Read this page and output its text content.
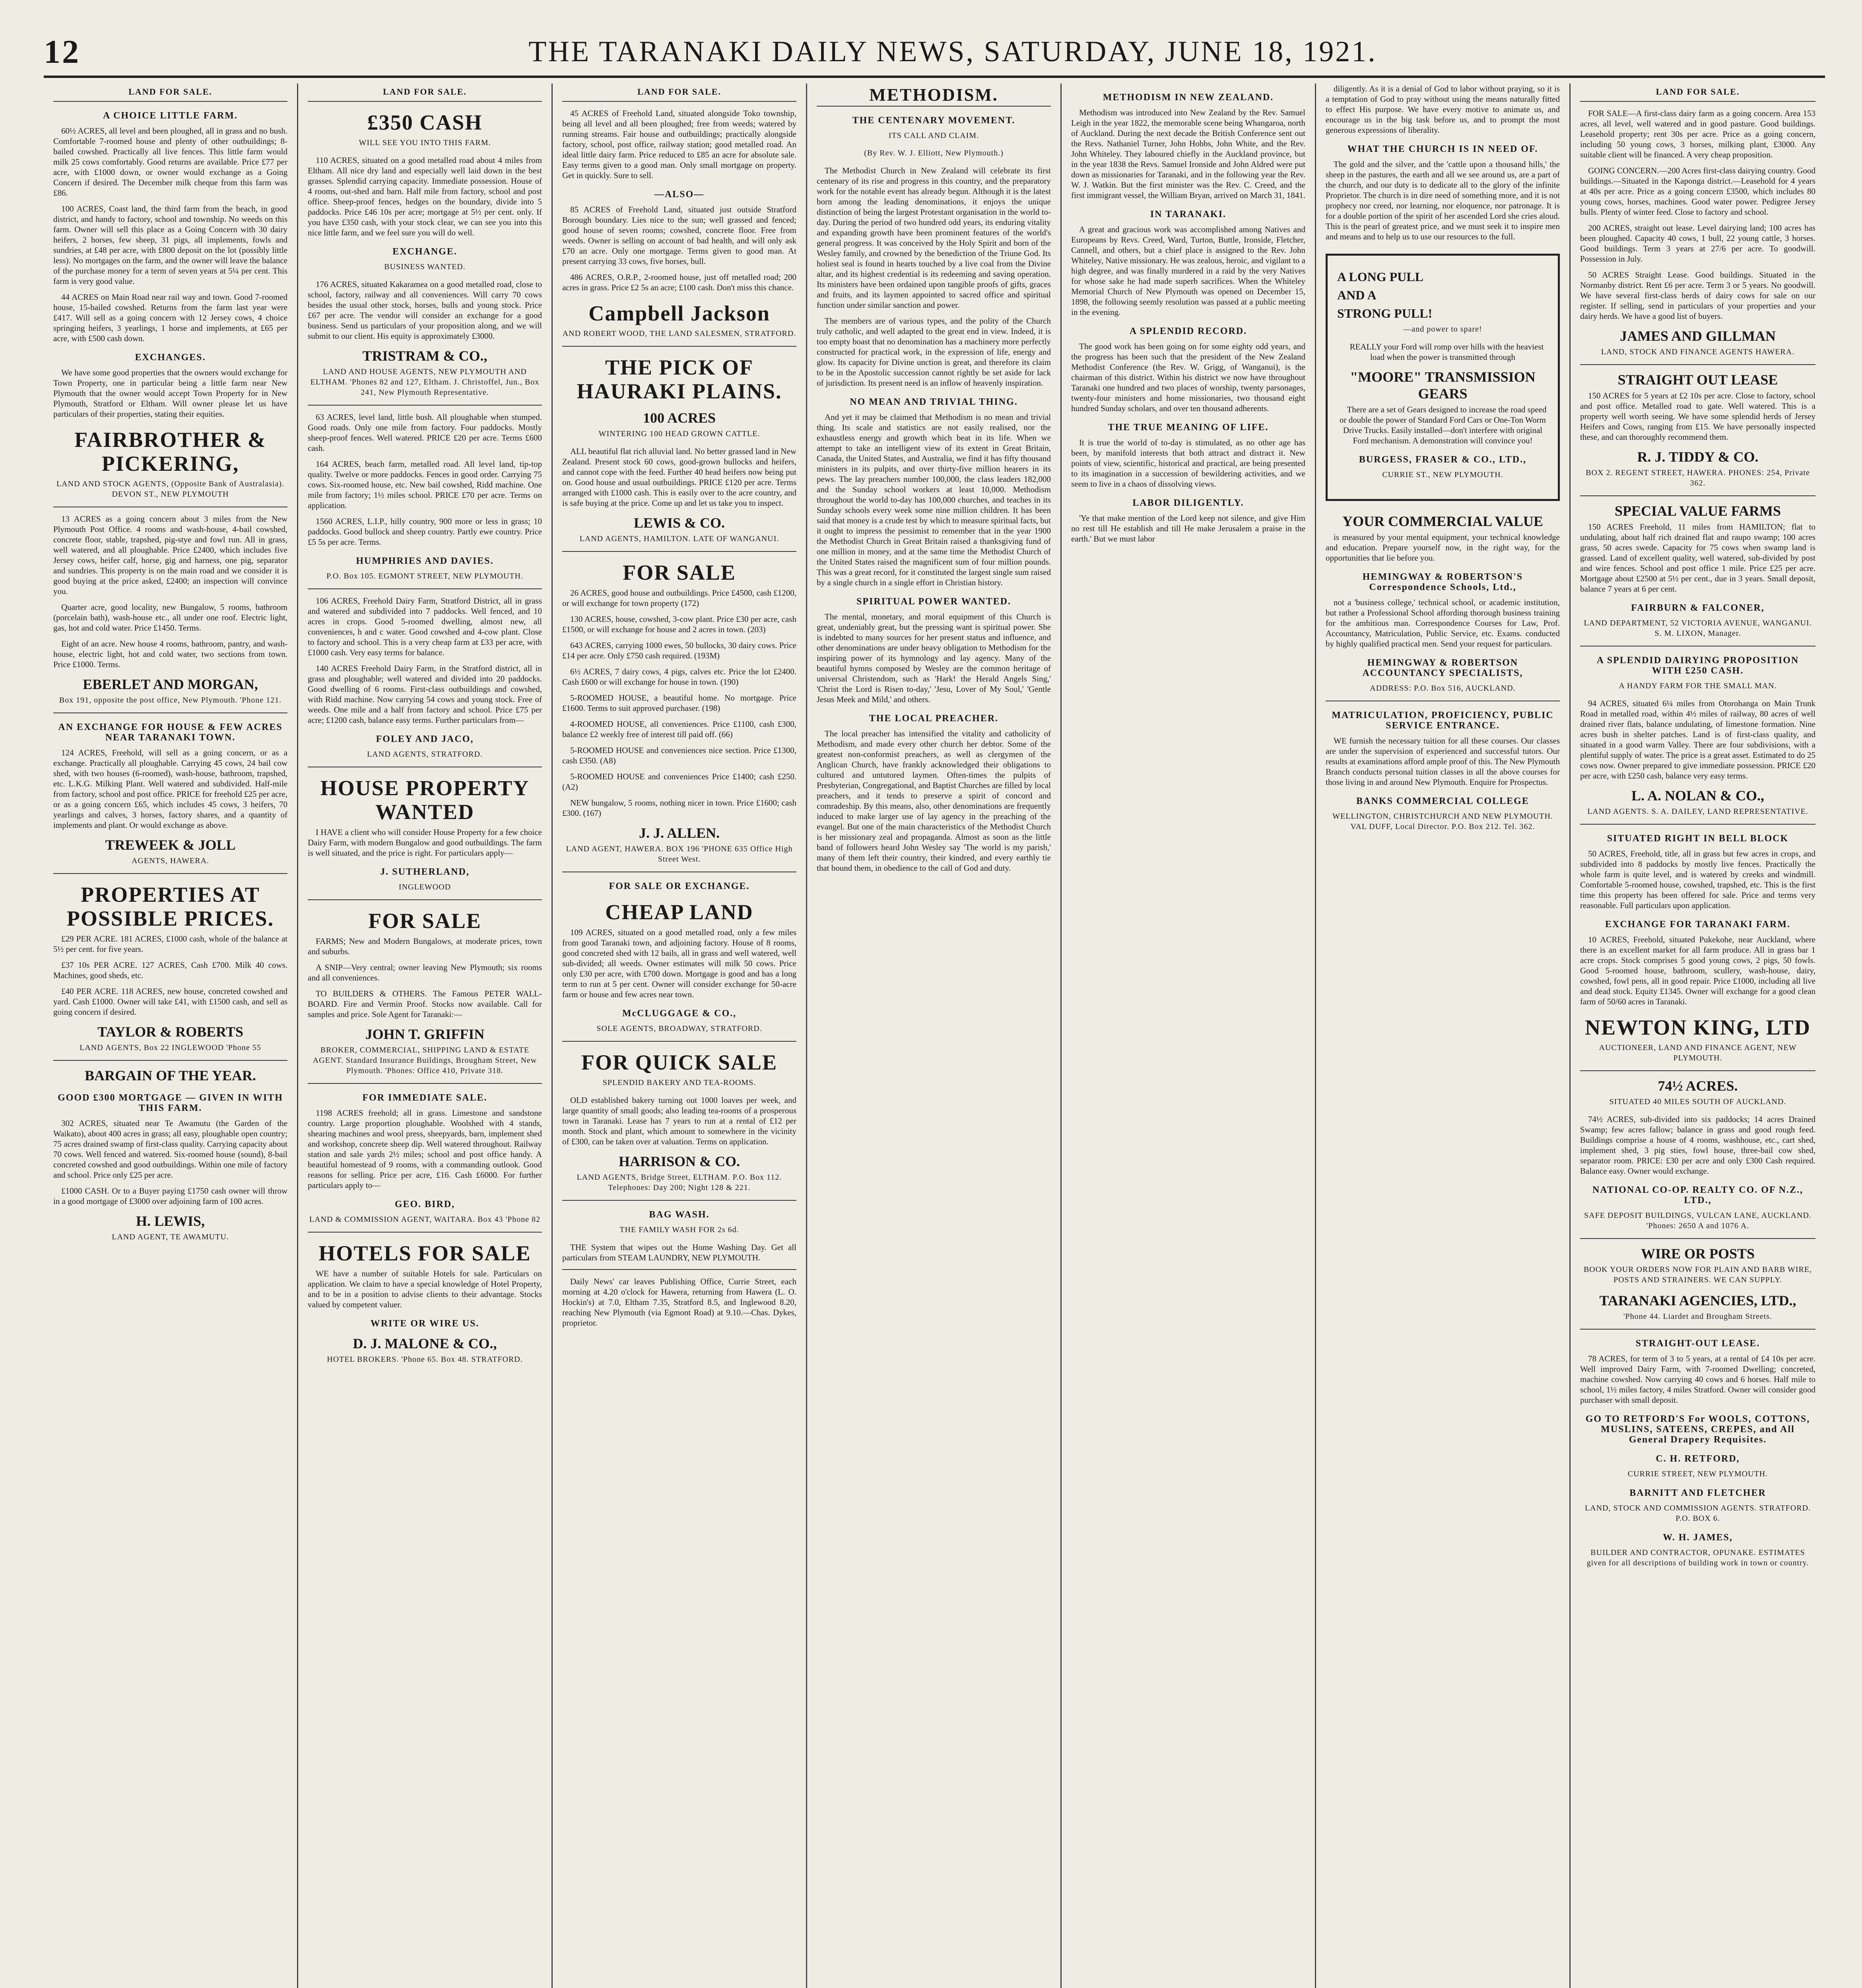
12	THE TARANAKI DAILY NEWS, SATURDAY, JUNE 18, 1921.
LAND FOR SALE.
A CHOICE LITTLE FARM.

60½ ACRES, all level and been ploughed, all in grass and no bush. Comfortable 7-roomed house and plenty of other outbuildings; 8-bailed cowshed. Practically all live fences. This little farm would milk 25 cows comfortably. Good returns are available. Price £77 per acre, with £1000 down, or owner would exchange as a Going Concern if desired. The December milk cheque from this farm was £86.

100 ACRES, Coast land, the third farm from the beach, in good district, and handy to factory, school and township. No weeds on this farm. Owner will sell this place as a Going Concern with 30 dairy heifers, 2 horses, few sheep, 31 pigs, all implements, fowls and sundries, at £48 per acre, with £800 deposit on the lot (possibly little less). No mortgages on the farm, and the owner will leave the balance of the purchase money for a term of seven years at 5¼ per cent. This farm is very good value.

44 ACRES on Main Road near rail way and town. Good 7-roomed house, 15-bailed cowshed. Returns from the farm last year were £417. Will sell as a going concern with 12 Jersey cows, 4 choice springing heifers, 3 yearlings, 1 horse and implements, at £65 per acre, with £500 cash down.

EXCHANGES.

We have some good properties that the owners would exchange for Town Property, one in particular being a little farm near New Plymouth that the owner would accept Town Property for in New Plymouth, Stratford or Eltham. Will owner please let us have particulars of their properties, stating their equities.

FAIRBROTHER & PICKERING,
LAND AND STOCK AGENTS, (Opposite Bank of Australasia). DEVON ST., NEW PLYMOUTH

13 ACRES as a going concern about 3 miles from the New Plymouth Post Office. 4 rooms and wash-house, 4-bail cowshed, concrete floor, stable, trapshed, pig-stye and fowl run. All in grass, well watered, and all ploughable. Price £2400, which includes five Jersey cows, heifer calf, horse, gig and harness, one pig, separator and sundries. This property is on the main road and we consider it is good buying at the price asked, £2400; an inspection will convince you.

Quarter acre, good locality, new Bungalow, 5 rooms, bathroom (porcelain bath), wash-house etc., all under one roof. Electric light, gas, hot and cold water. Price £1450. Terms.

Eight of an acre. New house 4 rooms, bathroom, pantry, and wash-house, electric light, hot and cold water, two sections from town. Price £1000. Terms.

EBERLET AND MORGAN,
Box 191, opposite the post office, New Plymouth. 'Phone 121.
AN EXCHANGE FOR HOUSE & FEW ACRES NEAR TARANAKI TOWN.

124 ACRES, Freehold, will sell as a going concern, or as a exchange. Practically all ploughable. Carrying 45 cows, 24 bail cow shed, with two houses (6-roomed), wash-house, bathroom, trapshed, etc. L.K.G. Milking Plant. Well watered and subdivided. Half-mile from factory, school and post office. PRICE for freehold £25 per acre, or as a going concern £65, which includes 45 cows, 3 heifers, 70 yearlings and calves, 3 horses, factory shares, and a quantity of implements and plant. Or would exchange as above.

TREWEEK & JOLL
AGENTS, HAWERA.
PROPERTIES AT POSSIBLE PRICES.

£29 PER ACRE. 181 ACRES, £1000 cash, whole of the balance at 5½ per cent. for five years.

£37 10s PER ACRE. 127 ACRES, Cash £700. Milk 40 cows. Machines, good sheds, etc.

£40 PER ACRE. 118 ACRES, new house, concreted cowshed and yard. Cash £1000. Owner will take £41, with £1500 cash, and sell as going concern if desired.

TAYLOR & ROBERTS
LAND AGENTS, Box 22 INGLEWOOD 'Phone 55
BARGAIN OF THE YEAR.
GOOD £300 MORTGAGE — GIVEN IN WITH THIS FARM.

302 ACRES, situated near Te Awamutu (the Garden of the Waikato), about 400 acres in grass; all easy, ploughable open country; 75 acres drained swamp of first-class quality. Carrying capacity about 70 cows. Well fenced and watered. Six-roomed house (sound), 8-bail concreted cowshed and good outbuildings. Within one mile of factory and school. Price only £25 per acre.

£1000 CASH. Or to a Buyer paying £1750 cash owner will throw in a good mortgage of £3000 over adjoining farm of 100 acres.

H. LEWIS,
LAND AGENT, TE AWAMUTU.
LAND FOR SALE.
£350 CASH
WILL SEE YOU INTO THIS FARM.

110 ACRES, situated on a good metalled road about 4 miles from Eltham. All nice dry land and especially well laid down in the best grasses. Splendid carrying capacity. Immediate possession. House of 4 rooms, out-shed and barn. Half mile from factory, school and post office. Sheep-proof fences, hedges on the boundary, divide into 5 paddocks. Price £46 10s per acre; mortgage at 5½ per cent. only. If you have £350 cash, with your stock clear, we can see you into this nice little farm, and we feel sure you will do well.

EXCHANGE.
BUSINESS WANTED.

176 ACRES, situated Kakaramea on a good metalled road, close to school, factory, railway and all conveniences. Will carry 70 cows besides the usual other stock, horses, bulls and young stock. Price £67 per acre. The vendor will consider an exchange for a good business. Send us particulars of your proposition along, and we will submit to our client. His equity is approximately £3000.

TRISTRAM & CO.,
LAND AND HOUSE AGENTS, NEW PLYMOUTH AND ELTHAM. 'Phones 82 and 127, Eltham. J. Christoffel, Jun., Box 241, New Plymouth Representative.

63 ACRES, level land, little bush. All ploughable when stumped. Good roads. Only one mile from factory. Four paddocks. Mostly sheep-proof fences. Well watered. PRICE £20 per acre. Terms £600 cash.

164 ACRES, beach farm, metalled road. All level land, tip-top quality. Twelve or more paddocks. Fences in good order. Carrying 75 cows. Six-roomed house, etc. New bail cowshed, Ridd machine. One mile from factory; 1½ miles school. PRICE £70 per acre. Terms on application.

1560 ACRES, L.I.P., hilly country, 900 more or less in grass; 10 paddocks. Good bullock and sheep country. Partly ewe country. Price £5 5s per acre. Terms.

HUMPHRIES AND DAVIES.
P.O. Box 105. EGMONT STREET, NEW PLYMOUTH.

106 ACRES, Freehold Dairy Farm, Stratford District, all in grass and watered and subdivided into 7 paddocks. Well fenced, and 10 acres in crops. Good 5-roomed dwelling, almost new, all conveniences, h and c water. Good cowshed and 4-cow plant. Close to factory and school. This is a very cheap farm at £33 per acre, with £1000 cash. Very easy terms for balance.

140 ACRES Freehold Dairy Farm, in the Stratford district, all in grass and ploughable; well watered and divided into 20 paddocks. Good dwelling of 6 rooms. First-class outbuildings and cowshed, with Ridd machine. Now carrying 54 cows and young stock. Free of weeds. One mile and a half from factory and school. Price £75 per acre; £1200 cash, balance easy terms. Further particulars from—

FOLEY AND JACO,
LAND AGENTS, STRATFORD.
HOUSE PROPERTY WANTED

I HAVE a client who will consider House Property for a few choice Dairy Farm, with modern Bungalow and good outbuildings. The farm is well situated, and the price is right. For particulars apply—

J. SUTHERLAND,
INGLEWOOD
FOR SALE

FARMS; New and Modern Bungalows, at moderate prices, town and suburbs.

A SNIP—Very central; owner leaving New Plymouth; six rooms and all conveniences.

TO BUILDERS & OTHERS. The Famous PETER WALL-BOARD. Fire and Vermin Proof. Stocks now available. Call for samples and price. Sole Agent for Taranaki:—

JOHN T. GRIFFIN
BROKER, COMMERCIAL, SHIPPING LAND & ESTATE AGENT. Standard Insurance Buildings, Brougham Street, New Plymouth. 'Phones: Office 410, Private 318.
FOR IMMEDIATE SALE.

1198 ACRES freehold; all in grass. Limestone and sandstone country. Large proportion ploughable. Woolshed with 4 stands, shearing machines and wool press, sheepyards, barn, implement shed and workshop, concrete sheep dip. Well watered throughout. Railway station and sale yards 2½ miles; school and post office handy. A beautiful homestead of 9 rooms, with a commanding outlook. Good reasons for selling. Price per acre, £16. Cash £6000. For further particulars apply to—

GEO. BIRD,
LAND & COMMISSION AGENT, WAITARA. Box 43 'Phone 82
HOTELS FOR SALE

WE have a number of suitable Hotels for sale. Particulars on application. We claim to have a special knowledge of Hotel Property, and to be in a position to advise clients to their advantage. Stocks valued by competent valuer.

WRITE OR WIRE US.
D. J. MALONE & CO.,
HOTEL BROKERS. 'Phone 65. Box 48. STRATFORD.
LAND FOR SALE.

45 ACRES of Freehold Land, situated alongside Toko township, being all level and all been ploughed; free from weeds; watered by running streams. Fair house and outbuildings; practically alongside factory, school, post office, railway station; good metalled road. An ideal little dairy farm. Price reduced to £85 an acre for absolute sale. Easy terms given to a good man. Only small mortgage on property. Get in quickly. Sure to sell.

—ALSO—

85 ACRES of Freehold Land, situated just outside Stratford Borough boundary. Lies nice to the sun; well grassed and fenced; good house of seven rooms; cowshed, concrete floor. Free from weeds. Owner is selling on account of bad health, and will only ask £70 an acre. Only one mortgage. Terms given to good man. At present carrying 33 cows, five horses, bull.

486 ACRES, O.R.P., 2-roomed house, just off metalled road; 200 acres in grass. Price £2 5s an acre; £100 cash. Don't miss this chance.

Campbell Jackson
AND ROBERT WOOD, THE LAND SALESMEN, STRATFORD.
THE PICK OF HAURAKI PLAINS.
100 ACRES
WINTERING 100 HEAD GROWN CATTLE.

ALL beautiful flat rich alluvial land. No better grassed land in New Zealand. Present stock 60 cows, good-grown bullocks and heifers, and cannot cope with the feed. Further 40 head heifers now being put on. Good house and usual outbuildings. PRICE £120 per acre. Terms arranged with £1000 cash. This is easily over to the acre country, and is safe buying at the price. Come up and let us take you to inspect.

LEWIS & CO.
LAND AGENTS, HAMILTON. LATE OF WANGANUI.
FOR SALE

26 ACRES, good house and outbuildings. Price £4500, cash £1200, or will exchange for town property (172)

130 ACRES, house, cowshed, 3-cow plant. Price £30 per acre, cash £1500, or will exchange for house and 2 acres in town. (203)

643 ACRES, carrying 1000 ewes, 50 bullocks, 30 dairy cows. Price £14 per acre. Only £750 cash required. (193M)

6½ ACRES, 7 dairy cows, 4 pigs, calves etc. Price the lot £2400. Cash £600 or will exchange for house in town. (190)

5-ROOMED HOUSE, a beautiful home. No mortgage. Price £1600. Terms to suit approved purchaser. (198)

4-ROOMED HOUSE, all conveniences. Price £1100, cash £300, balance £2 weekly free of interest till paid off. (66)

5-ROOMED HOUSE and conveniences nice section. Price £1300, cash £350. (A8)

5-ROOMED HOUSE and conveniences Price £1400; cash £250. (A2)

NEW bungalow, 5 rooms, nothing nicer in town. Price £1600; cash £300. (167)

J. J. ALLEN.
LAND AGENT, HAWERA. BOX 196 'PHONE 635 Office High Street West.
FOR SALE OR EXCHANGE.
CHEAP LAND

109 ACRES, situated on a good metalled road, only a few miles from good Taranaki town, and adjoining factory. House of 8 rooms, good concreted shed with 12 bails, all in grass and well watered, well sub-divided; all weeds. Owner estimates will milk 50 cows. Price only £30 per acre, with £700 down. Mortgage is good and has a long term to run at 5 per cent. Owner will consider exchange for 50-acre farm or house and few acres near town.

McCLUGGAGE & CO.,
SOLE AGENTS, BROADWAY, STRATFORD.
FOR QUICK SALE
SPLENDID BAKERY AND TEA-ROOMS.

OLD established bakery turning out 1000 loaves per week, and large quantity of small goods; also leading tea-rooms of a prosperous town in Taranaki. Lease has 7 years to run at a rental of £12 per month. Stock and plant, which amount to somewhere in the vicinity of £300, can be taken over at valuation. Terms on application.

HARRISON & CO.
LAND AGENTS, Bridge Street, ELTHAM. P.O. Box 112. Telephones: Day 200; Night 128 & 221.
BAG WASH.
THE FAMILY WASH FOR 2s 6d.

THE System that wipes out the Home Washing Day. Get all particulars from STEAM LAUNDRY, NEW PLYMOUTH.

Daily News' car leaves Publishing Office, Currie Street, each morning at 4.20 o'clock for Hawera, returning from Hawera (L. O. Hockin's) at 7.0, Eltham 7.35, Stratford 8.5, and Inglewood 8.20, reaching New Plymouth (via Egmont Road) at 9.10.—Chas. Dykes, proprietor.

METHODISM.
THE CENTENARY MOVEMENT.
ITS CALL AND CLAIM.
(By Rev. W. J. Elliott, New Plymouth.)

The Methodist Church in New Zealand will celebrate its first centenary of its rise and progress in this country, and the preparatory work for the notable event has already begun. Although it is the latest born among the leading denominations, it enjoys the unique distinction of being the largest Protestant organisation in the world to-day. During the period of two hundred odd years, its enduring vitality and expanding growth have been prominent features of the world's general progress. It was conceived by the Holy Spirit and born of the Wesley family, and crowned by the benediction of the Triune God. Its holiest seal is found in hearts touched by a live coal from the Divine altar, and its highest credential is its redeeming and saving operation. Its ministers have been ordained upon tangible proofs of gifts, graces and fruits, and its laymen appointed to sacred office and spiritual function under similar sanction and power.

The members are of various types, and the polity of the Church truly catholic, and well adapted to the great end in view. Indeed, it is too empty boast that no denomination has a machinery more perfectly constructed for practical work, in the expression of life, energy and glow. Its capacity for Divine unction is great, and therefore its claim to be in the Apostolic succession cannot rightly be set aside for lack of jurisdiction. Its present need is an inflow of heavenly inspiration.

NO MEAN AND TRIVIAL THING.

And yet it may be claimed that Methodism is no mean and trivial thing. Its scale and statistics are not easily realised, nor the exhaustless energy and growth which beat in its life. When we attempt to take an intelligent view of its extent in Great Britain, Canada, the United States, and Australia, we find it has fifty thousand ministers in its pulpits, and over thirty-five million hearers in its pews. The lay preachers number 100,000, the class leaders 182,000 and the Sunday school workers at least 10,000. Methodism throughout the world to-day has 100,000 churches, and teaches in its Sunday schools every week some nine million children. It has been said that money is a crude test by which to measure spiritual facts, but it ought to impress the pessimist to remember that in the year 1900 the Methodist Church in Great Britain raised a thanksgiving fund of one million in money, and at the same time the Methodist Church of the United States raised the magnificent sum of four million pounds. This was a great record, for it constituted the largest single sum raised by a single church in a single effort in Christian history.

SPIRITUAL POWER WANTED.

The mental, monetary, and moral equipment of this Church is great, undeniably great, but the pressing want is spiritual power. She is indebted to many sources for her present status and influence, and other denominations are under heavy obligation to Methodism for the inspiring power of its hymnology and lay agency. Many of the beautiful hymns composed by Wesley are the common heritage of universal Christendom, such as 'Hark! the Herald Angels Sing,' 'Christ the Lord is Risen to-day,' 'Jesu, Lover of My Soul,' 'Gentle Jesus Meek and Mild,' and others.

THE LOCAL PREACHER.

The local preacher has intensified the vitality and catholicity of Methodism, and made every other church her debtor. Some of the greatest non-conformist preachers, as well as clergymen of the Anglican Church, have frankly acknowledged their obligations to cultured and untutored laymen. Often-times the pulpits of Presbyterian, Congregational, and Baptist Churches are filled by local preachers, and it tends to preserve a spirit of concord and comradeship. By this means, also, other denominations are frequently induced to make larger use of lay agency in the preaching of the evangel. But one of the main characteristics of the Methodist Church is her missionary zeal and propaganda. Almost as soon as the little band of followers heard John Wesley say 'The world is my parish,' many of them left their country, their kindred, and every earthly tie that bound them, in obedience to the call of God and duty.

METHODISM IN NEW ZEALAND.

Methodism was introduced into New Zealand by the Rev. Samuel Leigh in the year 1822, the memorable scene being Whangaroa, north of Auckland. During the next decade the British Conference sent out the Revs. Nathaniel Turner, John Hobbs, John White, and the Rev. John Whiteley. They laboured chiefly in the Auckland province, but in the year 1838 the Revs. Samuel Ironside and John Aldred were put down as missionaries for Taranaki, and in the following year the Rev. W. J. Watkin. But the first minister was the Rev. C. Creed, and the first immigrant vessel, the William Bryan, arrived on March 31, 1841.

IN TARANAKI.

A great and gracious work was accomplished among Natives and Europeans by Revs. Creed, Ward, Turton, Buttle, Ironside, Fletcher, Cannell, and others, but a chief place is assigned to the Rev. John Whiteley, Native missionary. He was zealous, heroic, and vigilant to a high degree, and was finally murdered in a raid by the very Natives for whose sake he had made superb sacrifices. When the Whiteley Memorial Church of New Plymouth was opened on December 15, 1898, the following seemly resolution was passed at a public meeting in the evening.

A SPLENDID RECORD.

The good work has been going on for some eighty odd years, and the progress has been such that the president of the New Zealand Methodist Conference (the Rev. W. Grigg, of Wanganui), is the chairman of this district. Within his district we now have throughout Taranaki one hundred and two places of worship, twenty parsonages, twenty-four ministers and home missionaries, two thousand eight hundred Sunday scholars, and over ten thousand adherents.

THE TRUE MEANING OF LIFE.

It is true the world of to-day is stimulated, as no other age has been, by manifold interests that both attract and distract it. New points of view, scientific, historical and practical, are being presented to its imagination in a succession of bewildering activities, and we seem to live in a chaos of dissolving views.

LABOR DILIGENTLY.

'Ye that make mention of the Lord keep not silence, and give Him no rest till He establish and till He make Jerusalem a praise in the earth.' But we must labor

diligently. As it is a denial of God to labor without praying, so it is a temptation of God to pray without using the means naturally fitted to effect His purpose. We have every motive to animate us, and encourage us in the big task before us, and to prompt the most generous expressions of liberality.

WHAT THE CHURCH IS IN NEED OF.

The gold and the silver, and the 'cattle upon a thousand hills,' the sheep in the pastures, the earth and all we see around us, are a part of the church, and our duty is to dedicate all to the glory of the infinite Proprietor. The church is in dire need of something more, and it is not prophecy nor creed, nor learning, nor eloquence, nor patronage. It is for a double portion of the spirit of her ascended Lord she cries aloud. This is the pearl of greatest price, and we must seek it to inspire men and means and to help us to use our resources to the full.

A LONG PULL
AND A
STRONG PULL!
—and power to spare!

REALLY your Ford will romp over hills with the heaviest load when the power is transmitted through

"MOORE" TRANSMISSION GEARS

There are a set of Gears designed to increase the road speed or double the power of Standard Ford Cars or One-Ton Worm Drive Trucks. Easily installed—don't interfere with original Ford mechanism. A demonstration will convince you!

BURGESS, FRASER & CO., LTD.,
CURRIE ST., NEW PLYMOUTH.
YOUR COMMERCIAL VALUE

is measured by your mental equipment, your technical knowledge and education. Prepare yourself now, in the right way, for the opportunities that lie before you.

HEMINGWAY & ROBERTSON'S Correspondence Schools, Ltd.,

not a 'business college,' technical school, or academic institution, but rather a Professional School affording thorough business training for the ambitious man. Correspondence Courses for Law, Prof. Accountancy, Matriculation, Public Service, etc. Exams. conducted by highly qualified practical men. Send your request for particulars.

HEMINGWAY & ROBERTSON ACCOUNTANCY SPECIALISTS,
ADDRESS: P.O. Box 516, AUCKLAND.
MATRICULATION, PROFICIENCY, PUBLIC SERVICE ENTRANCE.

WE furnish the necessary tuition for all these courses. Our classes are under the supervision of experienced and successful tutors. Our results at examinations afford ample proof of this. The New Plymouth Branch conducts personal tuition classes in all the above courses for those living in and around New Plymouth. Enquire for Prospectus.

BANKS COMMERCIAL COLLEGE
WELLINGTON, CHRISTCHURCH AND NEW PLYMOUTH. VAL DUFF, Local Director. P.O. Box 212. Tel. 362.
LAND FOR SALE.

FOR SALE—A first-class dairy farm as a going concern. Area 153 acres, all level, well watered and in good pasture. Good buildings. Leasehold property; rent 30s per acre. Price as a going concern, including 50 young cows, 3 horses, milking plant, £3000. Any suitable client will be financed. A very cheap proposition.

GOING CONCERN.—200 Acres first-class dairying country. Good buildings.—Situated in the Kaponga district.—Leasehold for 4 years at 40s per acre. Price as a going concern £3500, which includes 80 young cows, horses, machines. Good water power. Pedigree Jersey bulls. Plenty of winter feed. Close to factory and school.

200 ACRES, straight out lease. Level dairying land; 100 acres has been ploughed. Capacity 40 cows, 1 bull, 22 young cattle, 3 horses. Good buildings. Term 3 years at 27/6 per acre. To goodwill. Possession in July.

50 ACRES Straight Lease. Good buildings. Situated in the Normanby district. Rent £6 per acre. Term 3 or 5 years. No goodwill. We have several first-class herds of dairy cows for sale on our register. If selling, send in particulars of your properties and your dairy herds. We have a good list of buyers.

JAMES AND GILLMAN
LAND, STOCK AND FINANCE AGENTS HAWERA.
STRAIGHT OUT LEASE

150 ACRES for 5 years at £2 10s per acre. Close to factory, school and post office. Metalled road to gate. Well watered. This is a property well worth seeing. We have some splendid herds of Jersey Heifers and Cows, ranging from £15. We have personally inspected these, and can thoroughly recommend them.

R. J. TIDDY & CO.
BOX 2. REGENT STREET, HAWERA. PHONES: 254, Private 362.
SPECIAL VALUE FARMS

150 ACRES Freehold, 11 miles from HAMILTON; flat to undulating, about half rich drained flat and raupo swamp; 100 acres grass, 50 acres swede. Capacity for 75 cows when swamp land is grassed. Land of excellent quality, well watered, sub-divided by post and wire fences. School and post office 1 mile. Price £25 per acre. Mortgage about £2500 at 5½ per cent., due in 3 years. Small deposit, balance 7 years at 6 per cent.

FAIRBURN & FALCONER,
LAND DEPARTMENT, 52 VICTORIA AVENUE, WANGANUI. S. M. LIXON, Manager.
A SPLENDID DAIRYING PROPOSITION WITH £250 CASH.
A HANDY FARM FOR THE SMALL MAN.

94 ACRES, situated 6¼ miles from Otorohanga on Main Trunk Road in metalled road, within 4½ miles of railway, 80 acres of well drained river flats, balance undulating, of limestone formation. Nine acres bush in shelter patches. Land is of first-class quality, and situated in a good warm Valley. There are four subdivisions, with a plentiful supply of water. The price is a great asset. Estimated to do 25 cows now. Owner prepared to give immediate possession. PRICE £20 per acre, with £250 cash, balance very easy terms.

L. A. NOLAN & CO.,
LAND AGENTS. S. A. DAILEY, LAND REPRESENTATIVE.
SITUATED RIGHT IN BELL BLOCK

50 ACRES, Freehold, title, all in grass but few acres in crops, and subdivided into 8 paddocks by mostly live fences. Practically the whole farm is quite level, and is watered by creeks and windmill. Comfortable 5-roomed house, cowshed, trapshed, etc. This is the first time this property has been offered for sale. Price and terms very reasonable. Full particulars upon application.

EXCHANGE FOR TARANAKI FARM.

10 ACRES, Freehold, situated Pukekohe, near Auckland, where there is an excellent market for all farm produce. All in grass bar 1 acre crops. Stock comprises 5 good young cows, 2 pigs, 50 fowls. Good 5-roomed house, bathroom, scullery, wash-house, dairy, cowshed, fowl pens, all in good repair. Price £1000, including all live and dead stock. Equity £1345. Owner will exchange for a good clean farm of 50/60 acres in Taranaki.

NEWTON KING, LTD
AUCTIONEER, LAND AND FINANCE AGENT, NEW PLYMOUTH.
74½ ACRES.
SITUATED 40 MILES SOUTH OF AUCKLAND.

74½ ACRES, sub-divided into six paddocks; 14 acres Drained Swamp; few acres fallow; balance in grass and good rough feed. Buildings comprise a house of 4 rooms, washhouse, etc., cart shed, implement shed, 3 pig sties, fowl house, three-bail cow shed, separator room. PRICE: £30 per acre and only £300 Cash required. Balance easy. Owner would exchange.

NATIONAL CO-OP. REALTY CO. OF N.Z., LTD.,
SAFE DEPOSIT BUILDINGS, VULCAN LANE, AUCKLAND. 'Phones: 2650 A and 1076 A.
WIRE OR POSTS
BOOK YOUR ORDERS NOW FOR PLAIN AND BARB WIRE, POSTS AND STRAINERS. WE CAN SUPPLY.
TARANAKI AGENCIES, LTD.,
'Phone 44. Liardet and Brougham Streets.
STRAIGHT-OUT LEASE.

78 ACRES, for term of 3 to 5 years, at a rental of £4 10s per acre. Well improved Dairy Farm, with 7-roomed Dwelling; concreted, machine cowshed. Now carrying 40 cows and 6 horses. Half mile to school, 1½ miles factory, 4 miles Stratford. Owner will consider good purchaser with small deposit.

GO TO RETFORD'S For WOOLS, COTTONS, MUSLINS, SATEENS, CREPES, and All General Drapery Requisites.
C. H. RETFORD,
CURRIE STREET, NEW PLYMOUTH.
BARNITT AND FLETCHER
LAND, STOCK AND COMMISSION AGENTS. STRATFORD. P.O. BOX 6.
W. H. JAMES,
BUILDER AND CONTRACTOR, OPUNAKE. ESTIMATES given for all descriptions of building work in town or country.
